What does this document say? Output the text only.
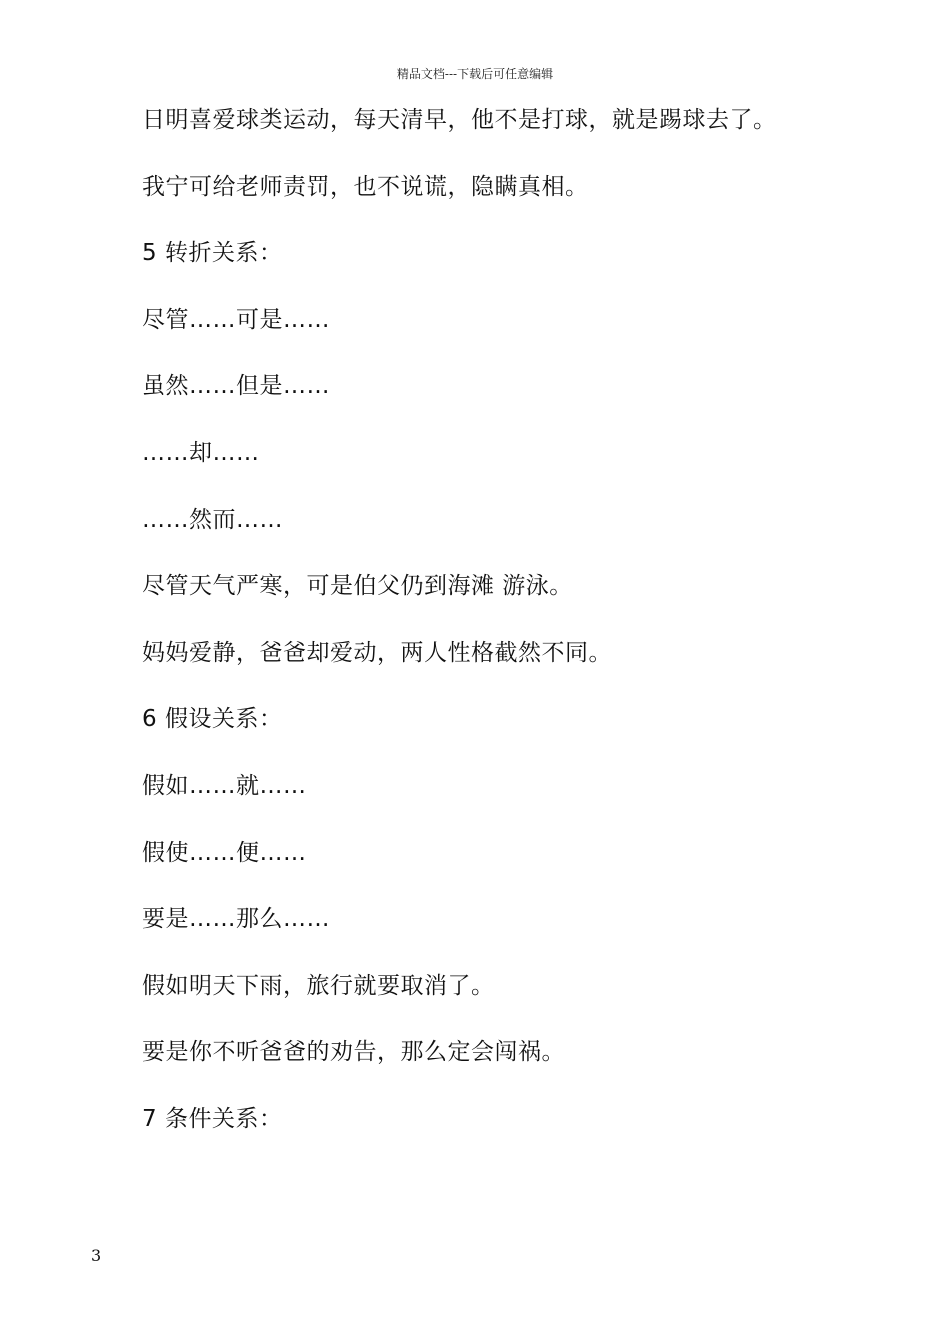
精品文档---下载后可任意编辑
日明喜爱球类运动，每天清早，他不是打球，就是踢球去了。
我宁可给老师责罚，也不说谎，隐瞒真相。
5 转折关系：
尽管……可是……
虽然……但是……
……却……
……然而……
尽管天气严寒，可是伯父仍到海滩 游泳。
妈妈爱静，爸爸却爱动，两人性格截然不同。
6 假设关系：
假如……就……
假使……便……
要是……那么……
假如明天下雨，旅行就要取消了。
要是你不听爸爸的劝告，那么定会闯祸。
7 条件关系：
3
